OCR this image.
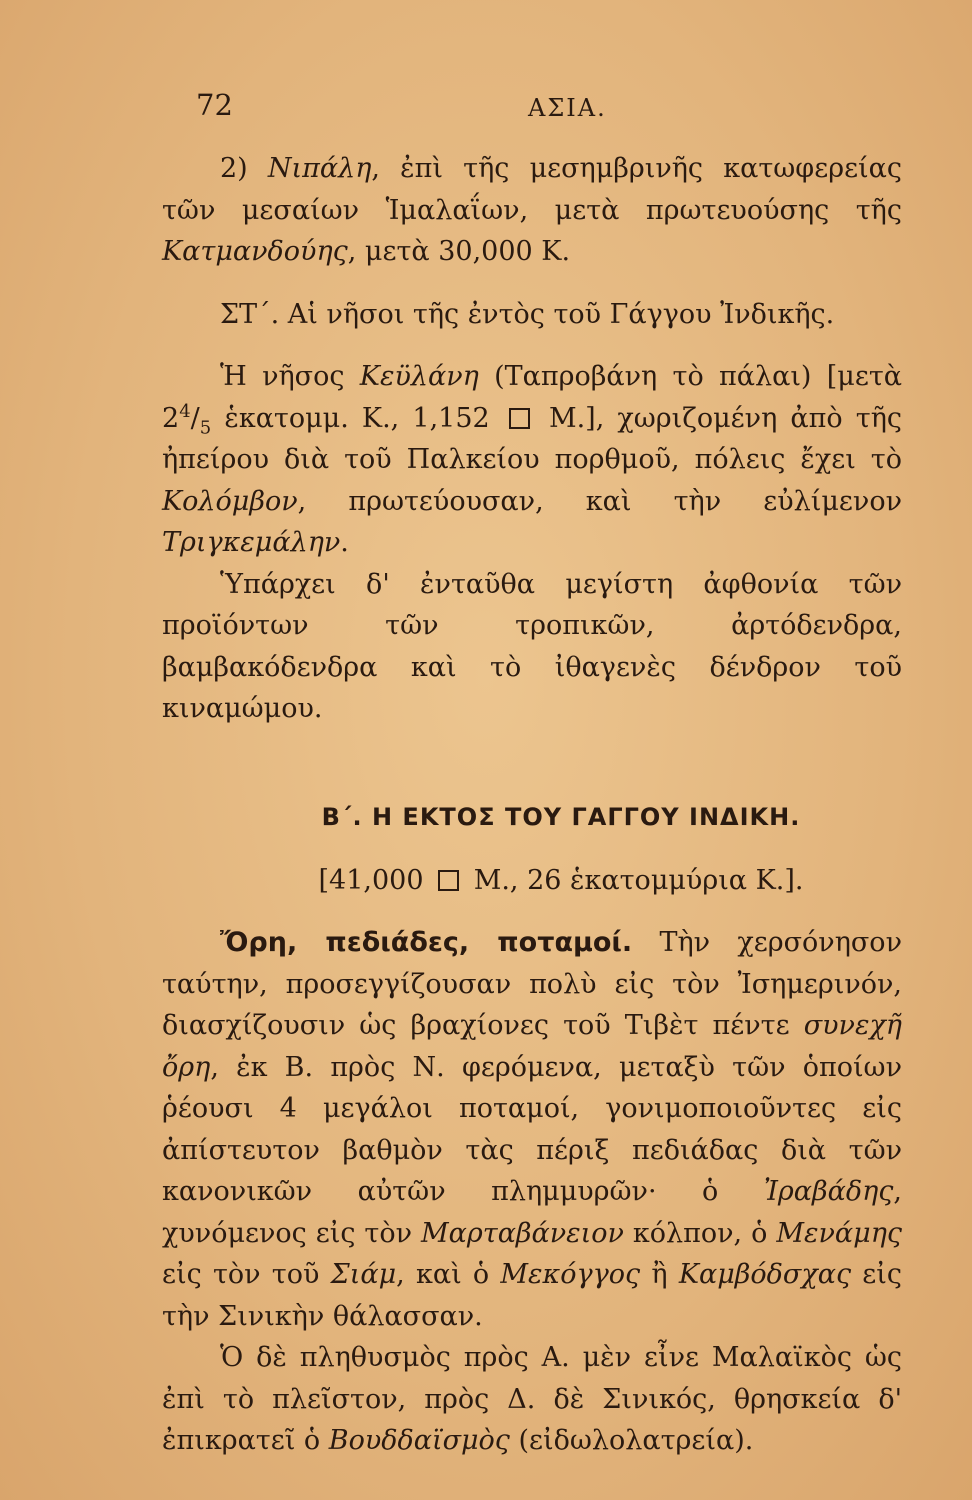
72	ΑΣΙΑ.

2) Νιπάλη, ἐπὶ τῆς μεσημβρινῆς κατωφερείας τῶν μεσαίων Ἱμαλαΐων, μετὰ πρωτευούσης τῆς Κατμανδούης, μετὰ 30,000 Κ.

ΣΤ΄. Αἱ νῆσοι τῆς ἐντὸς τοῦ Γάγγου Ἰνδικῆς.

Ἡ νῆσος Κεϋλάνη (Ταπροβάνη τὸ πάλαι) [μετὰ $2^4/_5$ ἑκατομμ. Κ., 1,152  Μ.], χωριζομένη ἀπὸ τῆς ἠπείρου διὰ τοῦ Παλκείου πορθμοῦ, πόλεις ἔχει τὸ Κολόμβον, πρωτεύουσαν, καὶ τὴν εὐλίμενον Τριγκεμάλην.

Ὑπάρχει δ' ἐνταῦθα μεγίστη ἀφθονία τῶν προϊόντων τῶν τροπικῶν, ἀρτόδενδρα, βαμβακόδενδρα καὶ τὸ ἰθαγενὲς δένδρον τοῦ κιναμώμου.

Β΄. Η ΕΚΤΟΣ ΤΟΥ ΓΑΓΓΟΥ ΙΝΔΙΚΗ.

[41,000  Μ., 26 ἑκατομμύρια Κ.].

Ὄρη, πεδιάδες, ποταμοί. Τὴν χερσόνησον ταύτην, προσεγγίζουσαν πολὺ εἰς τὸν Ἰσημερινόν, διασχίζουσιν ὡς βραχίονες τοῦ Τιβὲτ πέντε συνεχῆ ὄρη, ἐκ Β. πρὸς Ν. φερόμενα, μεταξὺ τῶν ὁποίων ῥέουσι 4 μεγάλοι ποταμοί, γονιμοποιοῦντες εἰς ἀπίστευτον βαθμὸν τὰς πέριξ πεδιάδας διὰ τῶν κανονικῶν αὐτῶν πλημμυρῶν· ὁ Ἰραβάδης, χυνόμενος εἰς τὸν Μαρταβάνειον κόλπον, ὁ Μενάμης εἰς τὸν τοῦ Σιάμ, καὶ ὁ Μεκόγγος ἢ Καμβόδσχας εἰς τὴν Σινικὴν θάλασσαν.

Ὁ δὲ πληθυσμὸς πρὸς Α. μὲν εἶνε Μαλαϊκὸς ὡς ἐπὶ τὸ πλεῖστον, πρὸς Δ. δὲ Σινικός, θρησκεία δ' ἐπικρατεῖ ὁ Βουδδαϊσμὸς (εἰδωλολατρεία).
